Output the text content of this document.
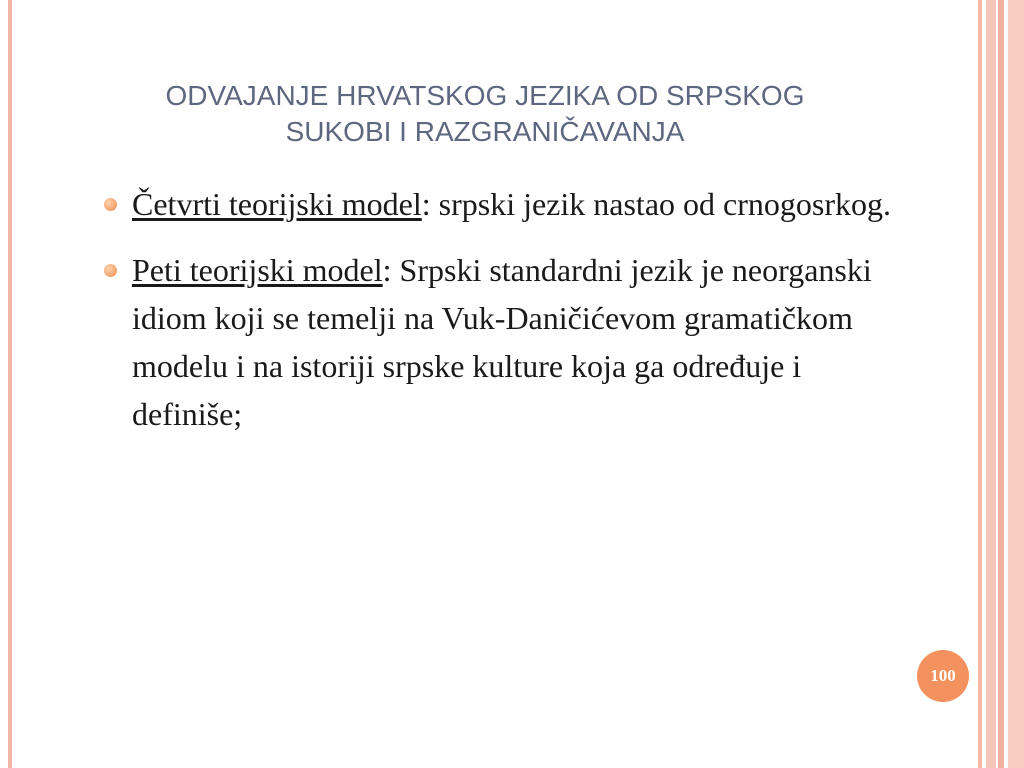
ODVAJANJE HRVATSKOG JEZIKA OD SRPSKOG
SUKOBI I RAZGRANIČAVANJA
Četvrti teorijski model: srpski jezik nastao od crnogosrkog.
Peti teorijski model: Srpski standardni jezik je neorganski idiom koji se temelji na Vuk-Daničićevom gramatičkom modelu i na istoriji srpske kulture koja ga određuje i definiše;
100
